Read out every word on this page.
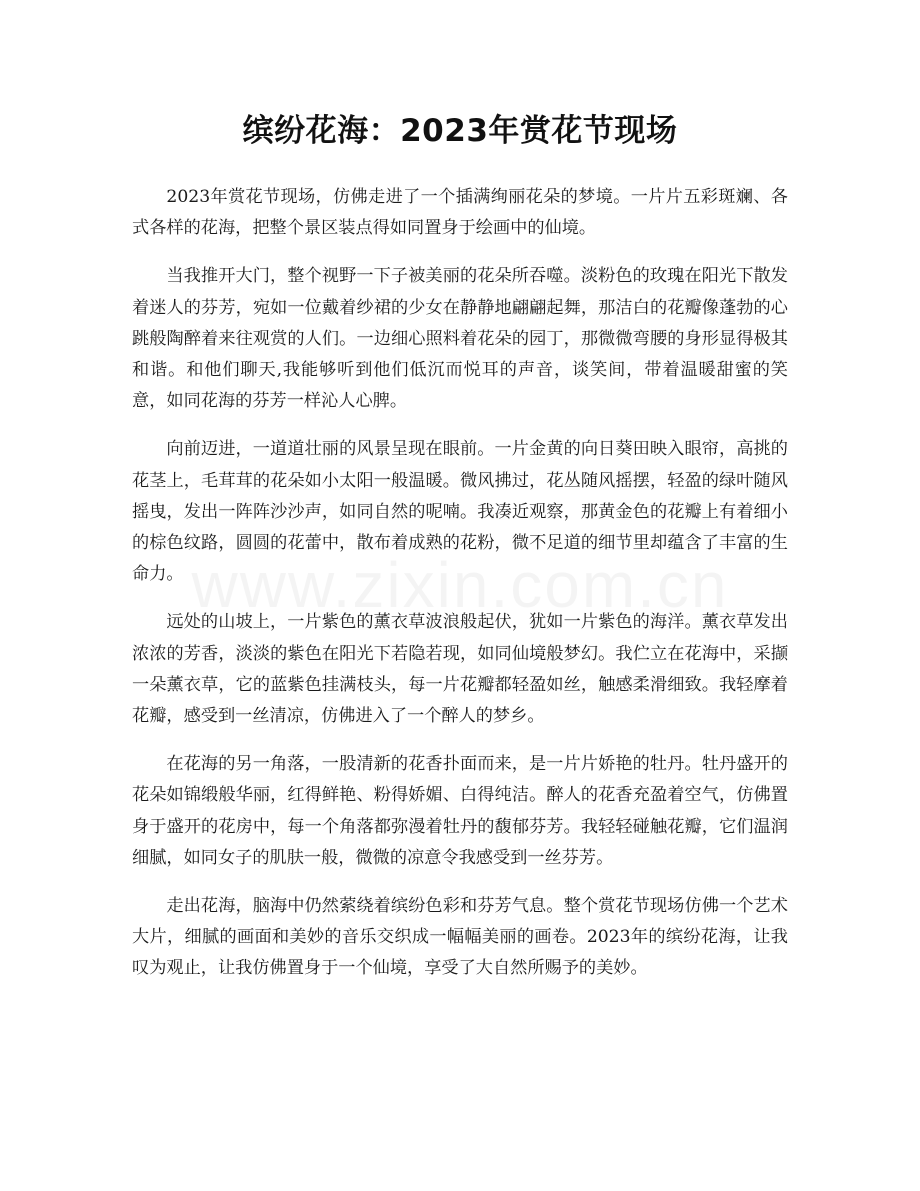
缤纷花海：2023年赏花节现场

2023年赏花节现场，仿佛走进了一个插满绚丽花朵的梦境。一片片五彩斑斓、各式各样的花海，把整个景区装点得如同置身于绘画中的仙境。

当我推开大门，整个视野一下子被美丽的花朵所吞噬。淡粉色的玫瑰在阳光下散发着迷人的芬芳，宛如一位戴着纱裙的少女在静静地翩翩起舞，那洁白的花瓣像蓬勃的心跳般陶醉着来往观赏的人们。一边细心照料着花朵的园丁，那微微弯腰的身形显得极其和谐。和他们聊天,我能够听到他们低沉而悦耳的声音，谈笑间，带着温暖甜蜜的笑意，如同花海的芬芳一样沁人心脾。

向前迈进，一道道壮丽的风景呈现在眼前。一片金黄的向日葵田映入眼帘，高挑的花茎上，毛茸茸的花朵如小太阳一般温暖。微风拂过，花丛随风摇摆，轻盈的绿叶随风摇曳，发出一阵阵沙沙声，如同自然的呢喃。我凑近观察，那黄金色的花瓣上有着细小的棕色纹路，圆圆的花蕾中，散布着成熟的花粉，微不足道的细节里却蕴含了丰富的生命力。

远处的山坡上，一片紫色的薰衣草波浪般起伏，犹如一片紫色的海洋。薰衣草发出浓浓的芳香，淡淡的紫色在阳光下若隐若现，如同仙境般梦幻。我伫立在花海中，采撷一朵薰衣草，它的蓝紫色挂满枝头，每一片花瓣都轻盈如丝，触感柔滑细致。我轻摩着花瓣，感受到一丝清凉，仿佛进入了一个醉人的梦乡。

在花海的另一角落，一股清新的花香扑面而来，是一片片娇艳的牡丹。牡丹盛开的花朵如锦缎般华丽，红得鲜艳、粉得娇媚、白得纯洁。醉人的花香充盈着空气，仿佛置身于盛开的花房中，每一个角落都弥漫着牡丹的馥郁芬芳。我轻轻碰触花瓣，它们温润细腻，如同女子的肌肤一般，微微的凉意令我感受到一丝芬芳。

走出花海，脑海中仍然萦绕着缤纷色彩和芬芳气息。整个赏花节现场仿佛一个艺术大片，细腻的画面和美妙的音乐交织成一幅幅美丽的画卷。2023年的缤纷花海，让我叹为观止，让我仿佛置身于一个仙境，享受了大自然所赐予的美妙。
